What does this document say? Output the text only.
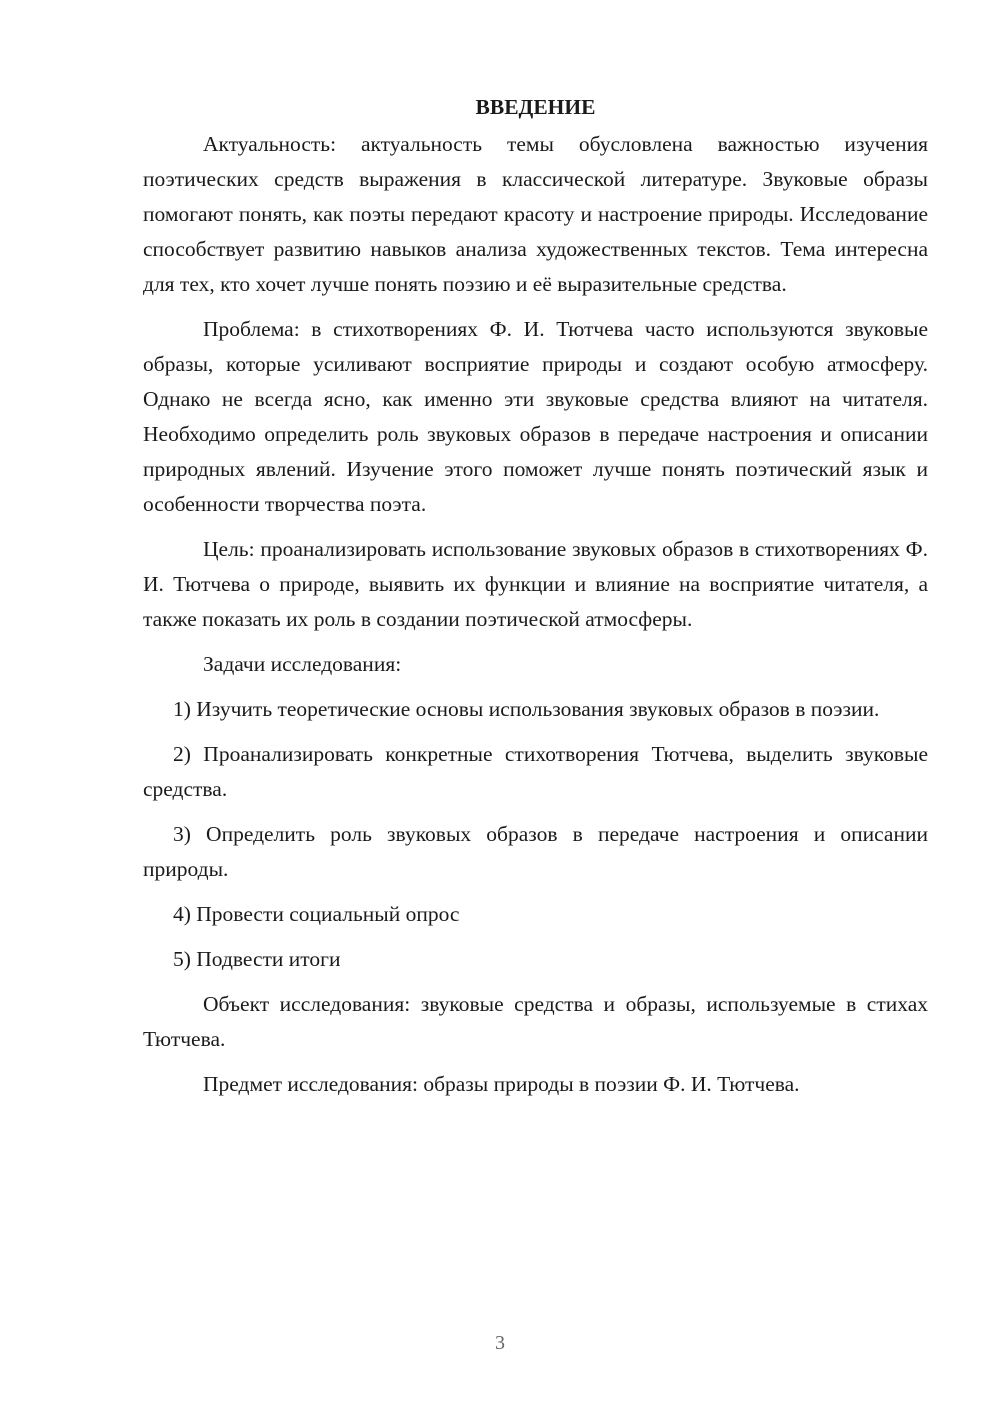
ВВЕДЕНИЕ

Актуальность: актуальность темы обусловлена важностью изучения поэтических средств выражения в классической литературе. Звуковые образы помогают понять, как поэты передают красоту и настроение природы. Исследование способствует развитию навыков анализа художественных текстов. Тема интересна для тех, кто хочет лучше понять поэзию и её выразительные средства.

Проблема: в стихотворениях Ф. И. Тютчева часто используются звуковые образы, которые усиливают восприятие природы и создают особую атмосферу. Однако не всегда ясно, как именно эти звуковые средства влияют на читателя. Необходимо определить роль звуковых образов в передаче настроения и описании природных явлений. Изучение этого поможет лучше понять поэтический язык и особенности творчества поэта.

Цель: проанализировать использование звуковых образов в стихотворениях Ф. И. Тютчева о природе, выявить их функции и влияние на восприятие читателя, а также показать их роль в создании поэтической атмосферы.

Задачи исследования:

1) Изучить теоретические основы использования звуковых образов в поэзии.

2) Проанализировать конкретные стихотворения Тютчева, выделить звуковые средства.

3) Определить роль звуковых образов в передаче настроения и описании природы.

4) Провести социальный опрос

5) Подвести итоги

Объект исследования: звуковые средства и образы, используемые в стихах Тютчева.

Предмет исследования: образы природы в поэзии Ф. И. Тютчева.

3
